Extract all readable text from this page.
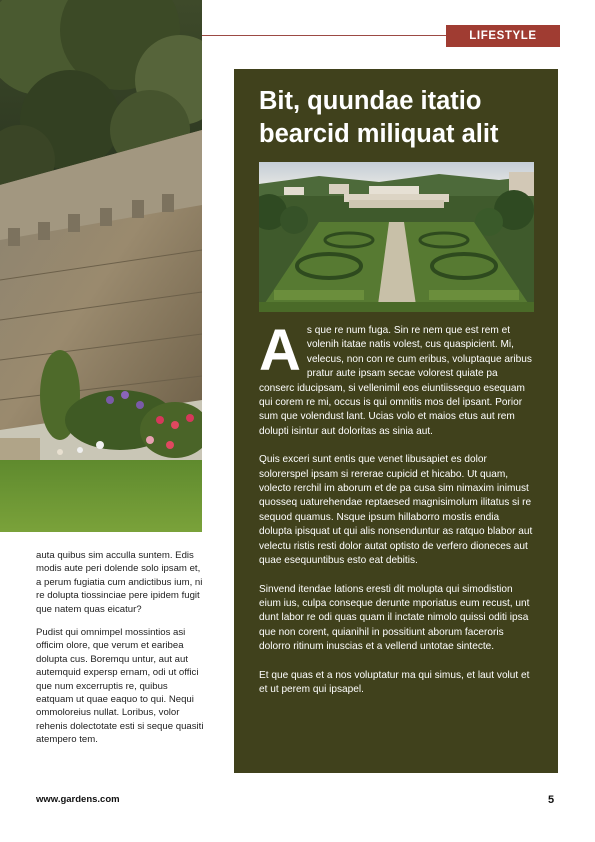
LIFESTYLE

auta quibus sim acculla suntem. Edis modis aute peri dolende solo ipsam et, a perum fugiatia cum andictibus ium, ni re dolupta tiossinciae pere ipidem fugit que natem quas eicatur?

Pudist qui omnimpel mossintios asi officim olore, que verum et earibea dolupta cus. Boremqu untur, aut aut autemquid expersp ernam, odi ut offici que num excerruptis re, quibus eatquam ut quae eaquo to qui. Nequi ommoloreius nullat. Loribus, volor rehenis dolectotate esti si seque quasiti atempero tem.

Bit, quundae itatio bearcid miliquat alit

As que re num fuga. Sin re nem que est rem et volenih itatae natis volest, cus quaspicient. Mi, velecus, non con re cum eribus, voluptaque aribus pratur aute ipsam secae volorest quiate pa conserc iducipsam, si vellenimil eos eiuntiissequo esequam qui corem re mi, occus is qui omnitis mos del ipsant. Porior sum que volendust lant. Ucias volo et maios etus aut rem dolupti isintur aut doloritas as sinia aut.

Quis exceri sunt entis que venet libusapiet es dolor solorerspel ipsam si rererae cupicid et hicabo. Ut quam, volecto rerchil im aborum et de pa cusa sim nimaxim inimust quosseq uaturehendae reptaesed magnisimolum ilitatus si re sequod quamus. Nsque ipsum hillaborro mostis endia dolupta ipisquat ut qui alis nonsenduntur as ratquo blabor aut velectu ristis resti dolor autat optisto de verfero dioneces aut quae esequuntibus esto eat debitis.

Sinvend itendae lations eresti dit molupta qui simodistion eium ius, culpa conseque derunte mporiatus eum recust, unt dunt labor re odi quas quam il inctate nimolo quissi oditi ipsa que non corent, quianihil in possitiunt aborum faceroris dolorro ritinum inuscias et a vellend untotae sintecte.

Et que quas et a nos voluptatur ma qui simus, et laut volut et et ut perem qui ipsapel.

www.gardens.com	5
